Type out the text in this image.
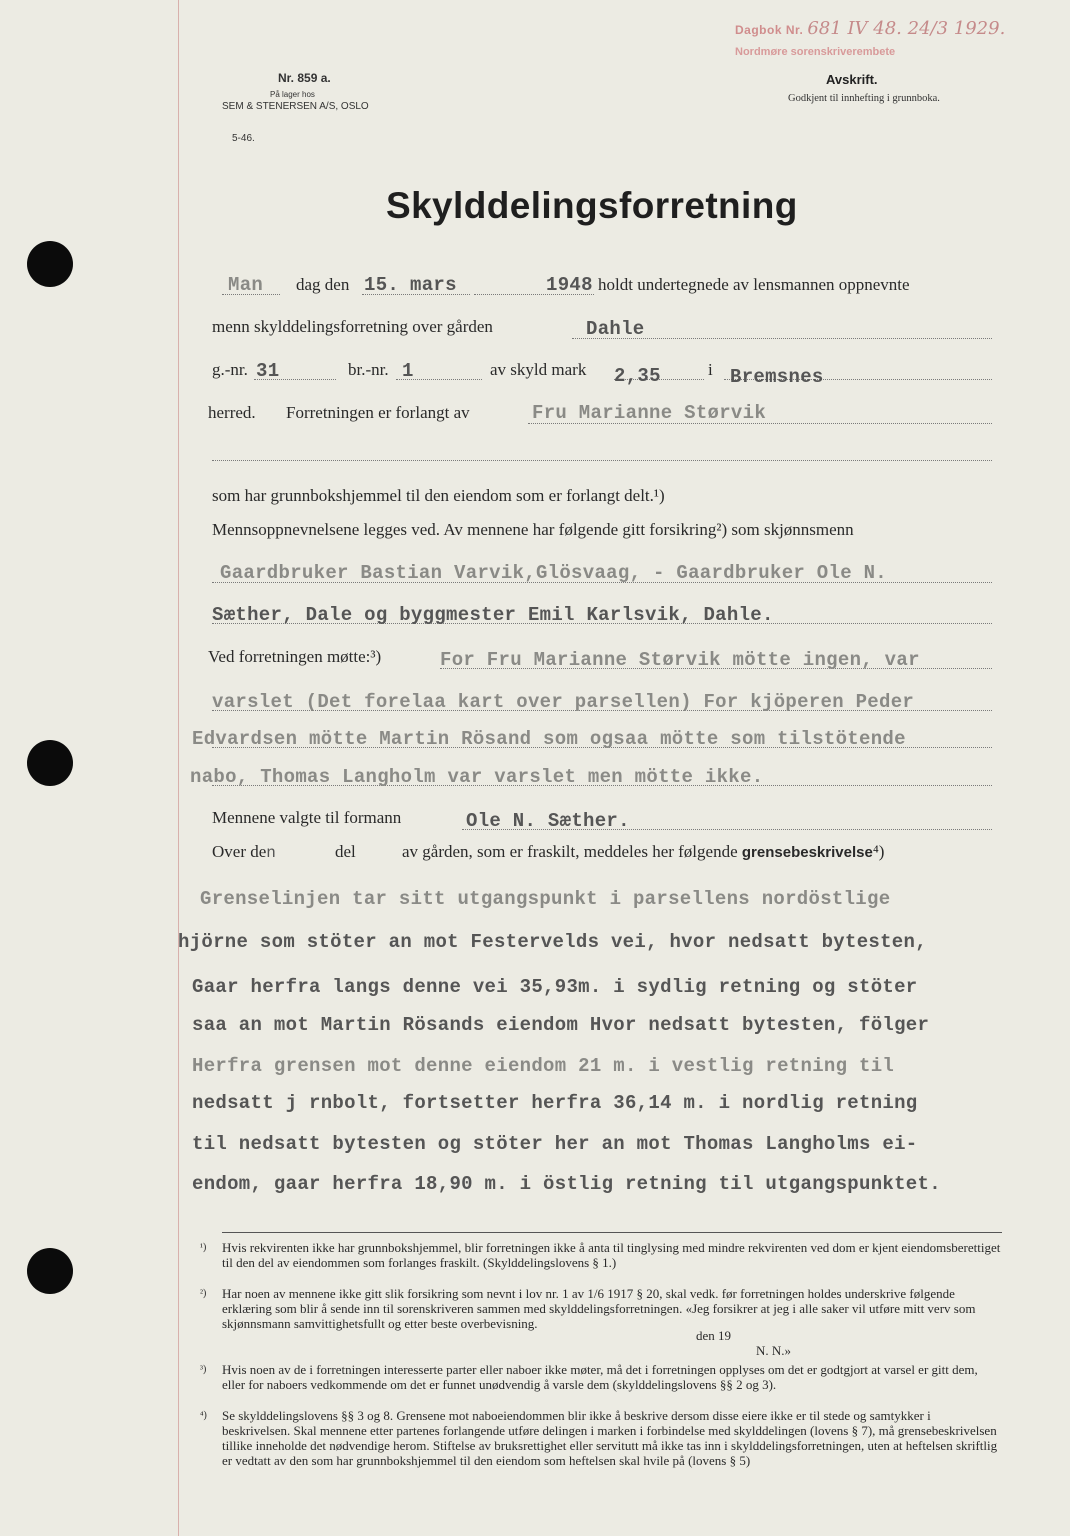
Nr. 859 a.
På lager hos
SEM & STENERSEN A/S, OSLO
5-46.
Dagbok Nr. 681 IV 48. 24/3 1929.
Nordmøre sorenskriverembete
Avskrift.
Godkjent til innhefting i grunnboka.
Skylddelingsforretning
Man dag den 15. mars	1948 holdt undertegnede av lensmannen oppnevnte
menn skylddelingsforretning over gården	Dahle
g.-nr. 31	br.-nr. 1	av skyld mark 2,35	i Bremsnes
herred. Forretningen er forlangt av	Fru Marianne Størvik
som har grunnbokshjemmel til den eiendom som er forlangt delt.¹)
Mennsoppnevnelsene legges ved. Av mennene har følgende gitt forsikring²) som skjønnsmenn
Gaardbruker Bastian Varvik,Glösvaag, - Gaardbruker Ole N.
Sæther, Dale og byggmester Emil Karlsvik, Dahle.
Ved forretningen møtte:³)	For Fru Marianne Størvik mötte ingen, var
varslet (Det forelaa kart over parsellen) For kjöperen Peder
Edvardsen mötte Martin Rösand som ogsaa mötte som tilstötende
nabo, Thomas Langholm var varslet men mötte ikke.
Mennene valgte til formann	Ole N. Sæther.
Over den	del	av gården, som er fraskilt, meddeles her følgende grensebeskrivelse⁴)
Grenselinjen tar sitt utgangspunkt i parsellens nordöstlige
hjörne som stöter an mot Festervelds vei, hvor nedsatt bytesten,
Gaar herfra langs denne vei 35,93m. i sydlig retning og stöter
saa an mot Martin Rösands eiendom Hvor nedsatt bytesten, fölger
Herfra grensen mot denne eiendom 21 m. i vestlig retning til
nedsatt j rnbolt, fortsetter herfra 36,14 m. i nordlig retning
til nedsatt bytesten og stöter her an mot Thomas Langholms ei-
endom, gaar herfra 18,90 m. i östlig retning til utgangspunktet.
¹) Hvis rekvirenten ikke har grunnbokshjemmel, blir forretningen ikke å anta til tinglysing med mindre rekvirenten ved dom er kjent eiendomsberettiget til den del av eiendommen som forlanges fraskilt. (Skylddelingslovens § 1.)
²) Har noen av mennene ikke gitt slik forsikring som nevnt i lov nr. 1 av 1/6 1917 § 20, skal vedk. før forretningen holdes underskrive følgende erklæring som blir å sende inn til sorenskriveren sammen med skylddelingsforretningen. «Jeg forsikrer at jeg i alle saker vil utføre mitt verv som skjønnsmann samvittighetsfullt og etter beste overbevisning.
den 19
N. N.»
³) Hvis noen av de i forretningen interesserte parter eller naboer ikke møter, må det i forretningen opplyses om det er godtgjort at varsel er gitt dem, eller for naboers vedkommende om det er funnet unødvendig å varsle dem (skylddelingslovens §§ 2 og 3).
⁴) Se skylddelingslovens §§ 3 og 8. Grensene mot naboeiendommen blir ikke å beskrive dersom disse eiere ikke er til stede og samtykker i beskrivelsen. Skal mennene etter partenes forlangende utføre delingen i marken i forbindelse med skylddelingen (lovens § 7), må grensebeskrivelsen tillike inneholde det nødvendige herom. Stiftelse av bruksrettighet eller servitutt må ikke tas inn i skylddelingsforretningen, uten at heftelsen skriftlig er vedtatt av den som har grunnbokshjemmel til den eiendom som heftelsen skal hvile på (lovens § 5)
